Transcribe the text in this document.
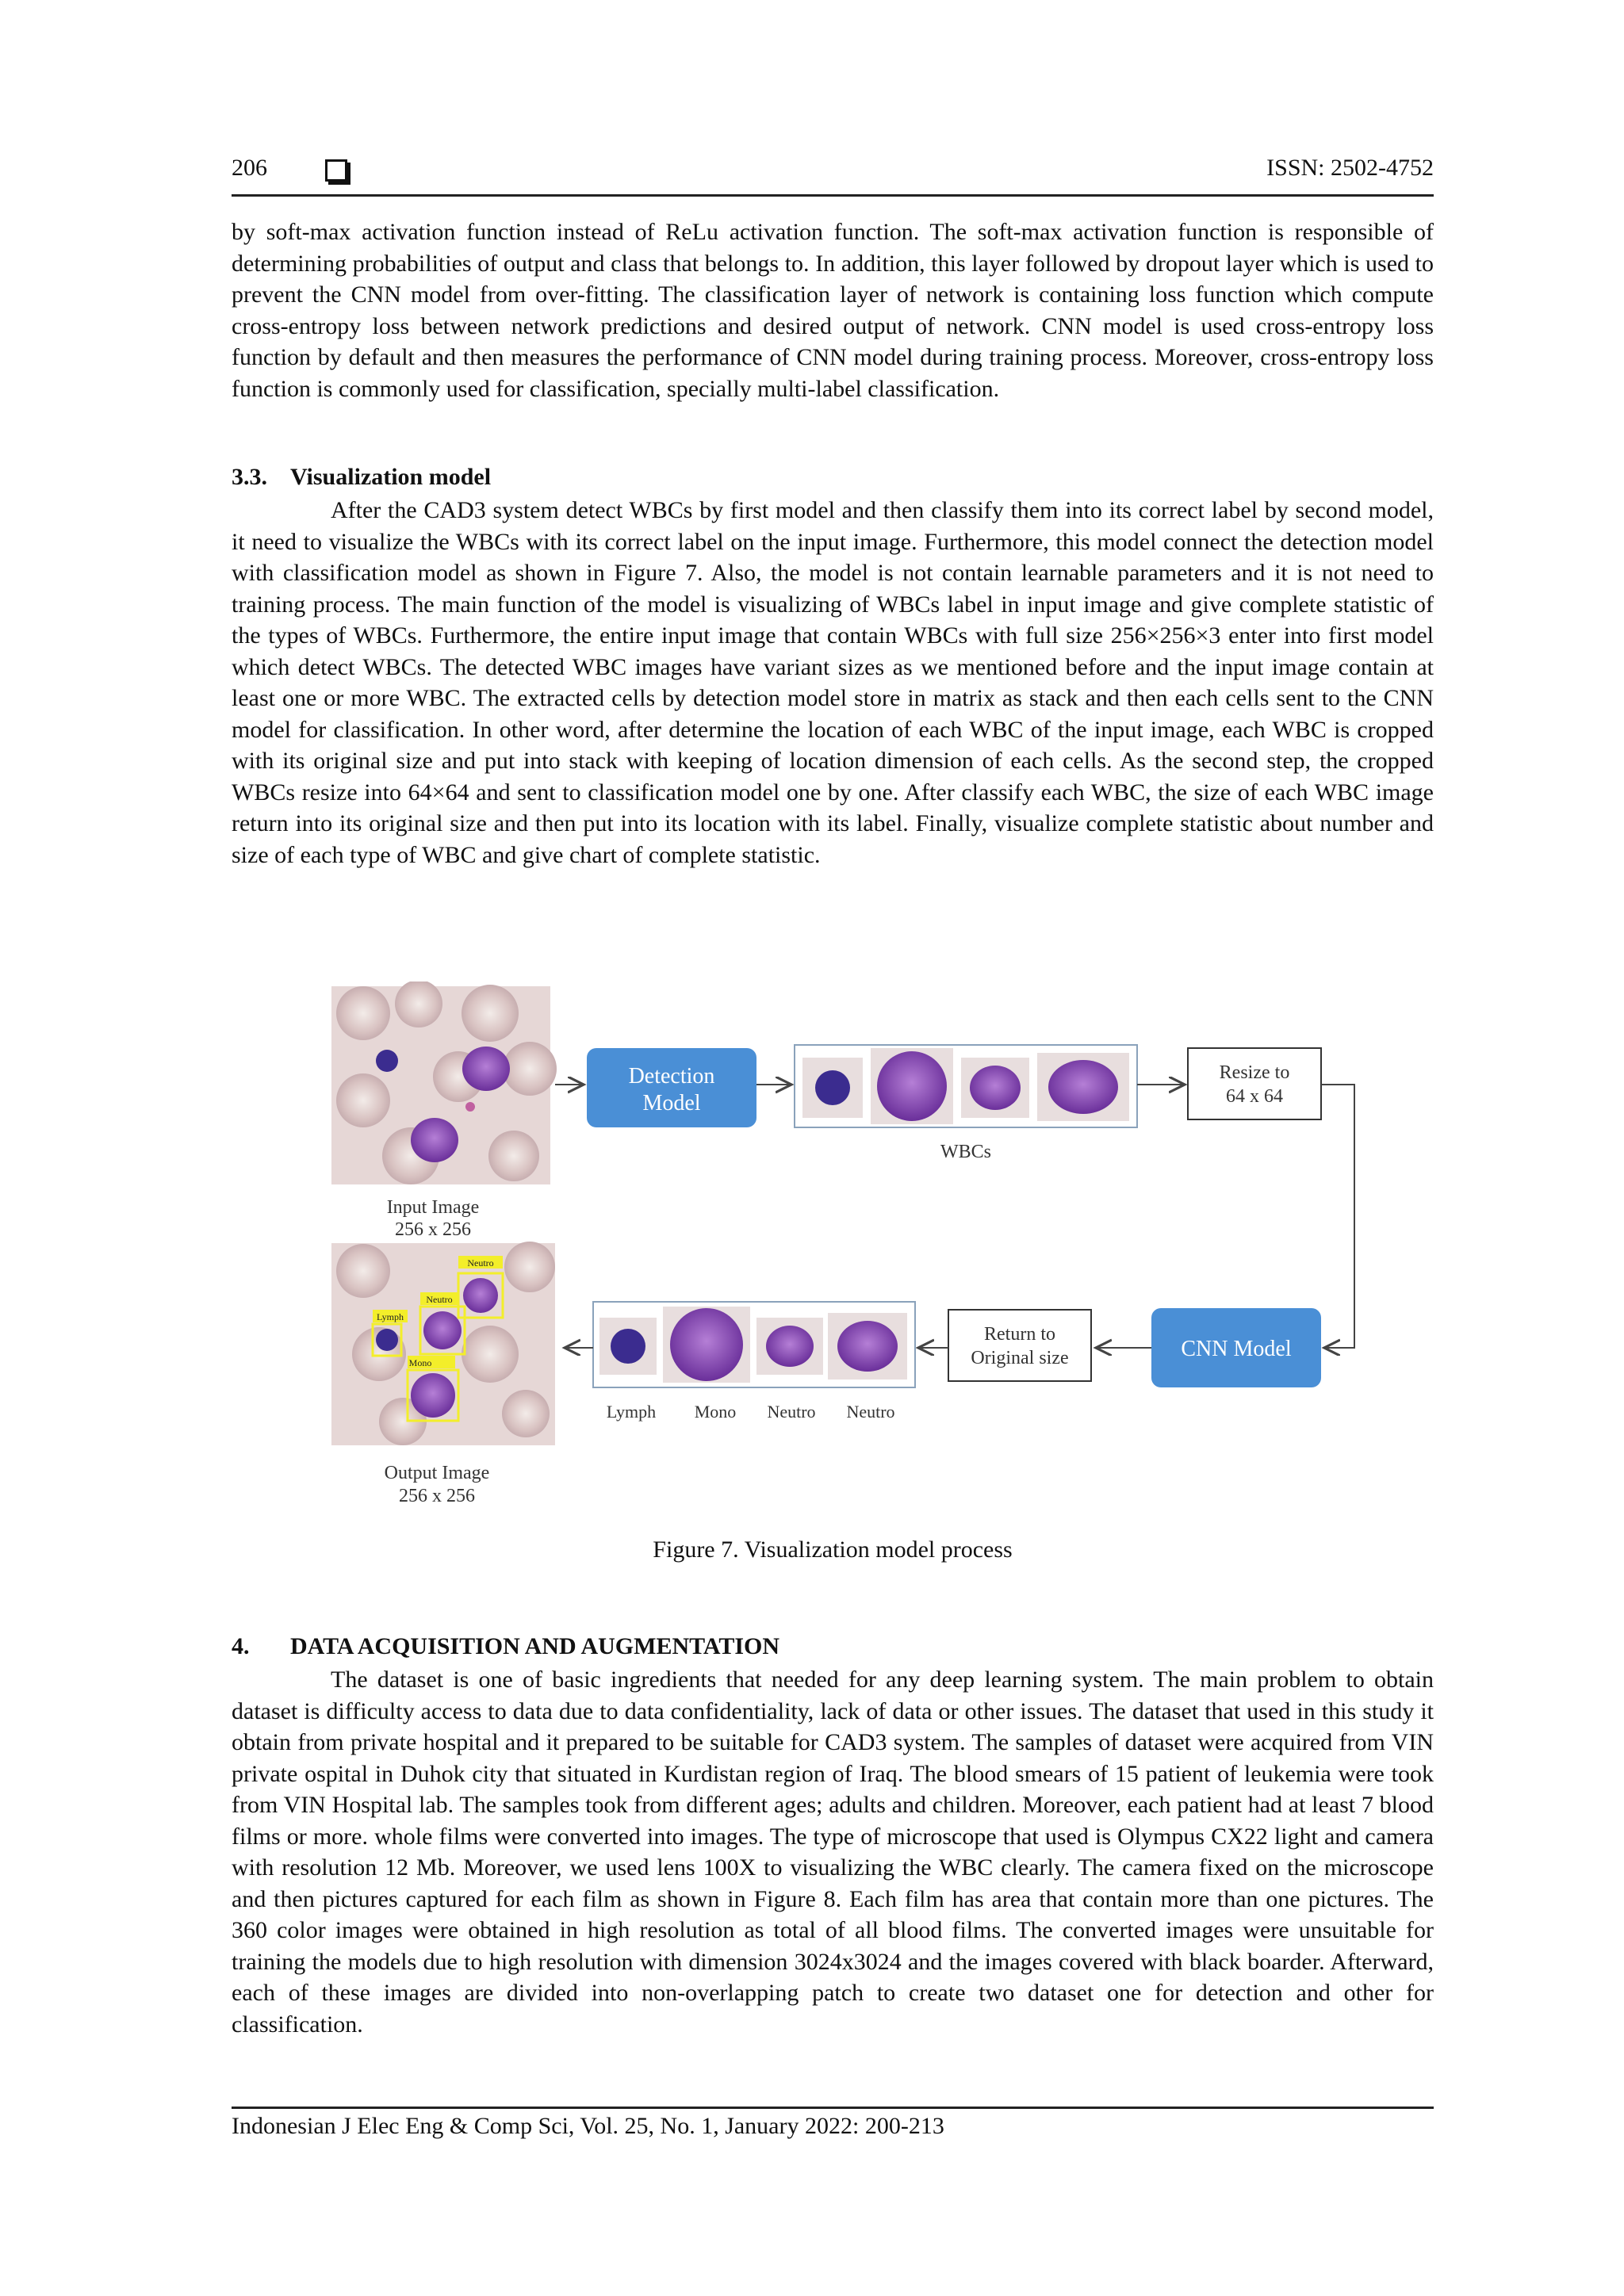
206	ISSN: 2502-4752

by soft-max activation function instead of ReLu activation function. The soft-max activation function is responsible of determining probabilities of output and class that belongs to. In addition, this layer followed by dropout layer which is used to prevent the CNN model from over-fitting. The classification layer of network is containing loss function which compute cross-entropy loss between network predictions and desired output of network. CNN model is used cross-entropy loss function by default and then measures the performance of CNN model during training process. Moreover, cross-entropy loss function is commonly used for classification, specially multi-label classification.

3.3. Visualization model

After the CAD3 system detect WBCs by first model and then classify them into its correct label by second model, it need to visualize the WBCs with its correct label on the input image. Furthermore, this model connect the detection model with classification model as shown in Figure 7. Also, the model is not contain learnable parameters and it is not need to training process. The main function of the model is visualizing of WBCs label in input image and give complete statistic of the types of WBCs. Furthermore, the entire input image that contain WBCs with full size 256×256×3 enter into first model which detect WBCs. The detected WBC images have variant sizes as we mentioned before and the input image contain at least one or more WBC. The extracted cells by detection model store in matrix as stack and then each cells sent to the CNN model for classification. In other word, after determine the location of each WBC of the input image, each WBC is cropped with its original size and put into stack with keeping of location dimension of each cells. As the second step, the cropped WBCs resize into 64×64 and sent to classification model one by one. After classify each WBC, the size of each WBC image return into its original size and then put into its location with its label. Finally, visualize complete statistic about number and size of each type of WBC and give chart of complete statistic.

Input Image
256 x 256
Neutro
Neutro
Lymph
Mono
Output Image
256 x 256
Detection
Model
WBCs
Resize to
64 x 64
CNN Model
Return to
Original size
Lymph Mono Neutro Neutro
Figure 7. Visualization model process
4. DATA ACQUISITION AND AUGMENTATION

The dataset is one of basic ingredients that needed for any deep learning system. The main problem to obtain dataset is difficulty access to data due to data confidentiality, lack of data or other issues. The dataset that used in this study it obtain from private hospital and it prepared to be suitable for CAD3 system. The samples of dataset were acquired from VIN private ospital in Duhok city that situated in Kurdistan region of Iraq. The blood smears of 15 patient of leukemia were took from VIN Hospital lab. The samples took from different ages; adults and children. Moreover, each patient had at least 7 blood films or more. whole films were converted into images. The type of microscope that used is Olympus CX22 light and camera with resolution 12 Mb. Moreover, we used lens 100X to visualizing the WBC clearly. The camera fixed on the microscope and then pictures captured for each film as shown in Figure 8. Each film has area that contain more than one pictures. The 360 color images were obtained in high resolution as total of all blood films. The converted images were unsuitable for training the models due to high resolution with dimension 3024x3024 and the images covered with black boarder. Afterward, each of these images are divided into non-overlapping patch to create two dataset one for detection and other for classification.

Indonesian J Elec Eng & Comp Sci, Vol. 25, No. 1, January 2022: 200-213
